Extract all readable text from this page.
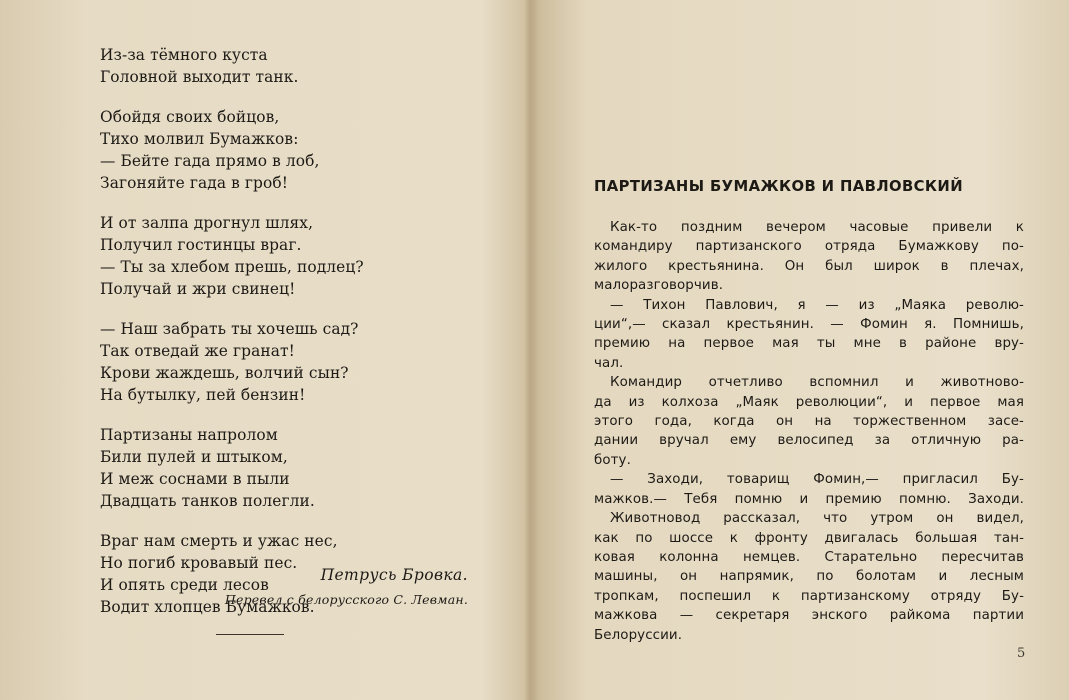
Из-за тёмного куста
Головной выходит танк.
Обойдя своих бойцов,
Тихо молвил Бумажков:
— Бейте гада прямо в лоб,
Загоняйте гада в гроб!
И от залпа дрогнул шлях,
Получил гостинцы враг.
— Ты за хлебом прешь, подлец?
Получай и жри свинец!
— Наш забрать ты хочешь сад?
Так отведай же гранат!
Крови жаждешь, волчий сын?
На бутылку, пей бензин!
Партизаны напролом
Били пулей и штыком,
И меж соснами в пыли
Двадцать танков полегли.
Враг нам смерть и ужас нес,
Но погиб кровавый пес.
И опять среди лесов
Водит хлопцев Бумажков.
Петрусь Бровка.
Перевел с белорусского С. Левман.
ПАРТИЗАНЫ БУМАЖКОВ И ПАВЛОВСКИЙ
Как-то поздним вечером часовые привели к
командиру партизанского отряда Бумажкову по-
жилого крестьянина. Он был широк в плечах,
малоразговорчив.
— Тихон Павлович, я — из „Маяка револю-
ции“,— сказал крестьянин. — Фомин я. Помнишь,
премию на первое мая ты мне в районе вру-
чал.
Командир отчетливо вспомнил и животново-
да из колхоза „Маяк революции“, и первое мая
этого года, когда он на торжественном засе-
дании вручал ему велосипед за отличную ра-
боту.
— Заходи, товарищ Фомин,— пригласил Бу-
мажков.— Тебя помню и премию помню. Заходи.
Животновод рассказал, что утром он видел,
как по шоссе к фронту двигалась большая тан-
ковая колонна немцев. Старательно пересчитав
машины, он напрямик, по болотам и лесным
тропкам, поспешил к партизанскому отряду Бу-
мажкова — секретаря энского райкома партии
Белоруссии.
5
